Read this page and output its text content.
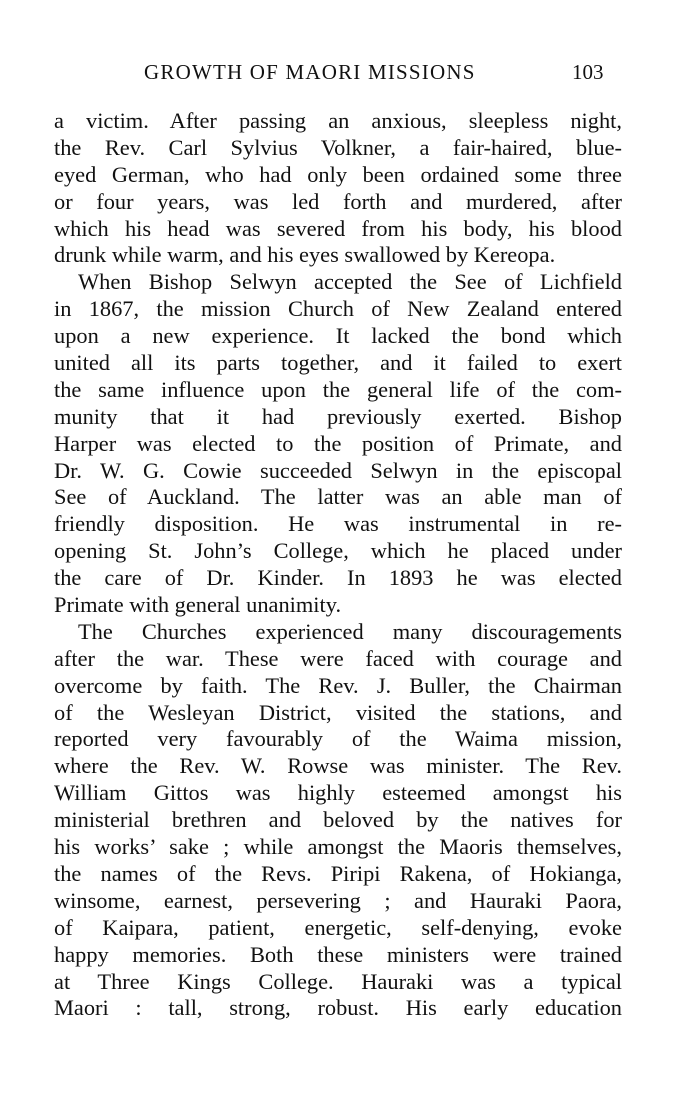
GROWTH OF MAORI MISSIONS	103
a victim. After passing an anxious, sleepless night,
the Rev. Carl Sylvius Volkner, a fair-haired, blue-
eyed German, who had only been ordained some three
or four years, was led forth and murdered, after
which his head was severed from his body, his blood
drunk while warm, and his eyes swallowed by Kereopa.
When Bishop Selwyn accepted the See of Lichfield
in 1867, the mission Church of New Zealand entered
upon a new experience. It lacked the bond which
united all its parts together, and it failed to exert
the same influence upon the general life of the com-
munity that it had previously exerted. Bishop
Harper was elected to the position of Primate, and
Dr. W. G. Cowie succeeded Selwyn in the episcopal
See of Auckland. The latter was an able man of
friendly disposition. He was instrumental in re-
opening St. John’s College, which he placed under
the care of Dr. Kinder. In 1893 he was elected
Primate with general unanimity.
The Churches experienced many discouragements
after the war. These were faced with courage and
overcome by faith. The Rev. J. Buller, the Chairman
of the Wesleyan District, visited the stations, and
reported very favourably of the Waima mission,
where the Rev. W. Rowse was minister. The Rev.
William Gittos was highly esteemed amongst his
ministerial brethren and beloved by the natives for
his works’ sake ; while amongst the Maoris themselves,
the names of the Revs. Piripi Rakena, of Hokianga,
winsome, earnest, persevering ; and Hauraki Paora,
of Kaipara, patient, energetic, self-denying, evoke
happy memories. Both these ministers were trained
at Three Kings College. Hauraki was a typical
Maori : tall, strong, robust. His early education
